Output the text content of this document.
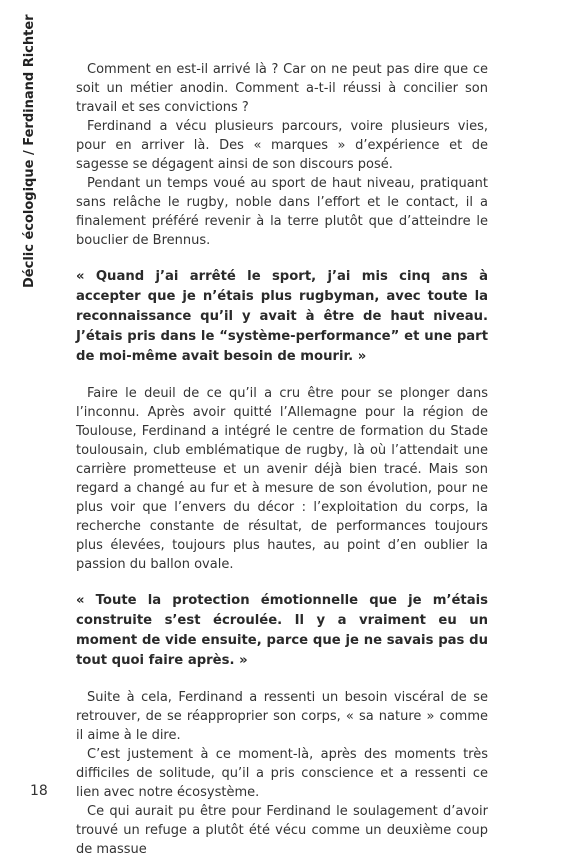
Déclic écologique / Ferdinand Richter	Comment en est-il arrivé là ? Car on ne peut pas dire que ce soit un métier anodin. Comment a-t-il réussi à concilier son travail et ses convictions ?

Ferdinand a vécu plusieurs parcours, voire plusieurs vies, pour en arriver là. Des « marques » d’expérience et de sagesse se dégagent ainsi de son discours posé.

Pendant un temps voué au sport de haut niveau, pratiquant sans relâche le rugby, noble dans l’effort et le contact, il a finalement préféré revenir à la terre plutôt que d’atteindre le bouclier de Brennus.

« Quand j’ai arrêté le sport, j’ai mis cinq ans à accepter que je n’étais plus rugbyman, avec toute la reconnaissance qu’il y avait à être de haut niveau. J’étais pris dans le “système-performance” et une part de moi-même avait besoin de mourir. »

Faire le deuil de ce qu’il a cru être pour se plonger dans l’inconnu. Après avoir quitté l’Allemagne pour la région de Toulouse, Ferdinand a intégré le centre de formation du Stade toulousain, club emblématique de rugby, là où l’attendait une carrière prometteuse et un avenir déjà bien tracé. Mais son regard a changé au fur et à mesure de son évolution, pour ne plus voir que l’envers du décor : l’exploitation du corps, la recherche constante de résultat, de performances toujours plus élevées, toujours plus hautes, au point d’en oublier la passion du ballon ovale.

« Toute la protection émotionnelle que je m’étais construite s’est écroulée. Il y a vraiment eu un moment de vide ensuite, parce que je ne savais pas du tout quoi faire après. »

Suite à cela, Ferdinand a ressenti un besoin viscéral de se retrouver, de se réapproprier son corps, « sa nature » comme il aime à le dire.

C’est justement à ce moment-là, après des moments très difficiles de solitude, qu’il a pris conscience et a ressenti ce lien avec notre écosystème.

Ce qui aurait pu être pour Ferdinand le soulagement d’avoir trouvé un refuge a plutôt été vécu comme un deuxième coup de massue

18
